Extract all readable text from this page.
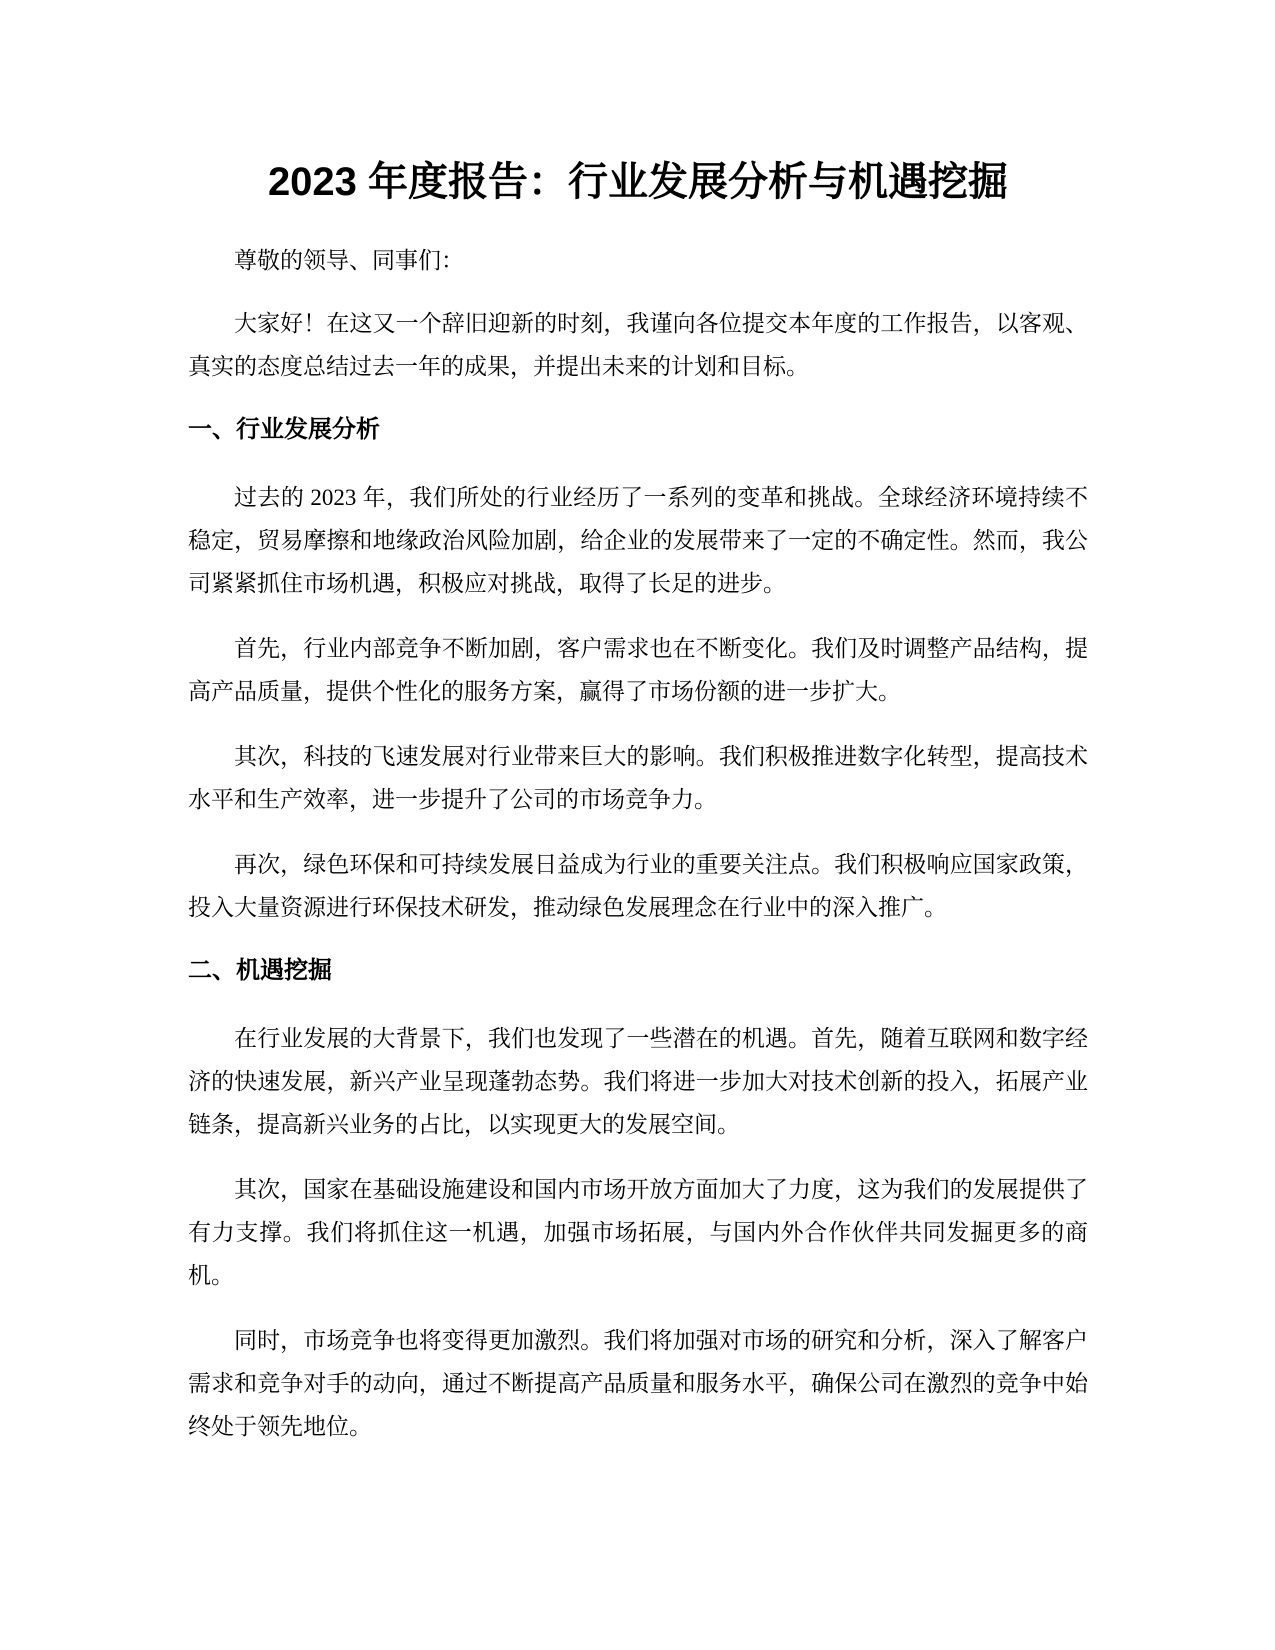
2023 年度报告：行业发展分析与机遇挖掘

尊敬的领导、同事们：

大家好！在这又一个辞旧迎新的时刻，我谨向各位提交本年度的工作报告，以客观、真实的态度总结过去一年的成果，并提出未来的计划和目标。

一、行业发展分析

过去的 2023 年，我们所处的行业经历了一系列的变革和挑战。全球经济环境持续不稳定，贸易摩擦和地缘政治风险加剧，给企业的发展带来了一定的不确定性。然而，我公司紧紧抓住市场机遇，积极应对挑战，取得了长足的进步。

首先，行业内部竞争不断加剧，客户需求也在不断变化。我们及时调整产品结构，提高产品质量，提供个性化的服务方案，赢得了市场份额的进一步扩大。

其次，科技的飞速发展对行业带来巨大的影响。我们积极推进数字化转型，提高技术水平和生产效率，进一步提升了公司的市场竞争力。

再次，绿色环保和可持续发展日益成为行业的重要关注点。我们积极响应国家政策，投入大量资源进行环保技术研发，推动绿色发展理念在行业中的深入推广。

二、机遇挖掘

在行业发展的大背景下，我们也发现了一些潜在的机遇。首先，随着互联网和数字经济的快速发展，新兴产业呈现蓬勃态势。我们将进一步加大对技术创新的投入，拓展产业链条，提高新兴业务的占比，以实现更大的发展空间。

其次，国家在基础设施建设和国内市场开放方面加大了力度，这为我们的发展提供了有力支撑。我们将抓住这一机遇，加强市场拓展，与国内外合作伙伴共同发掘更多的商机。

同时，市场竞争也将变得更加激烈。我们将加强对市场的研究和分析，深入了解客户需求和竞争对手的动向，通过不断提高产品质量和服务水平，确保公司在激烈的竞争中始终处于领先地位。
